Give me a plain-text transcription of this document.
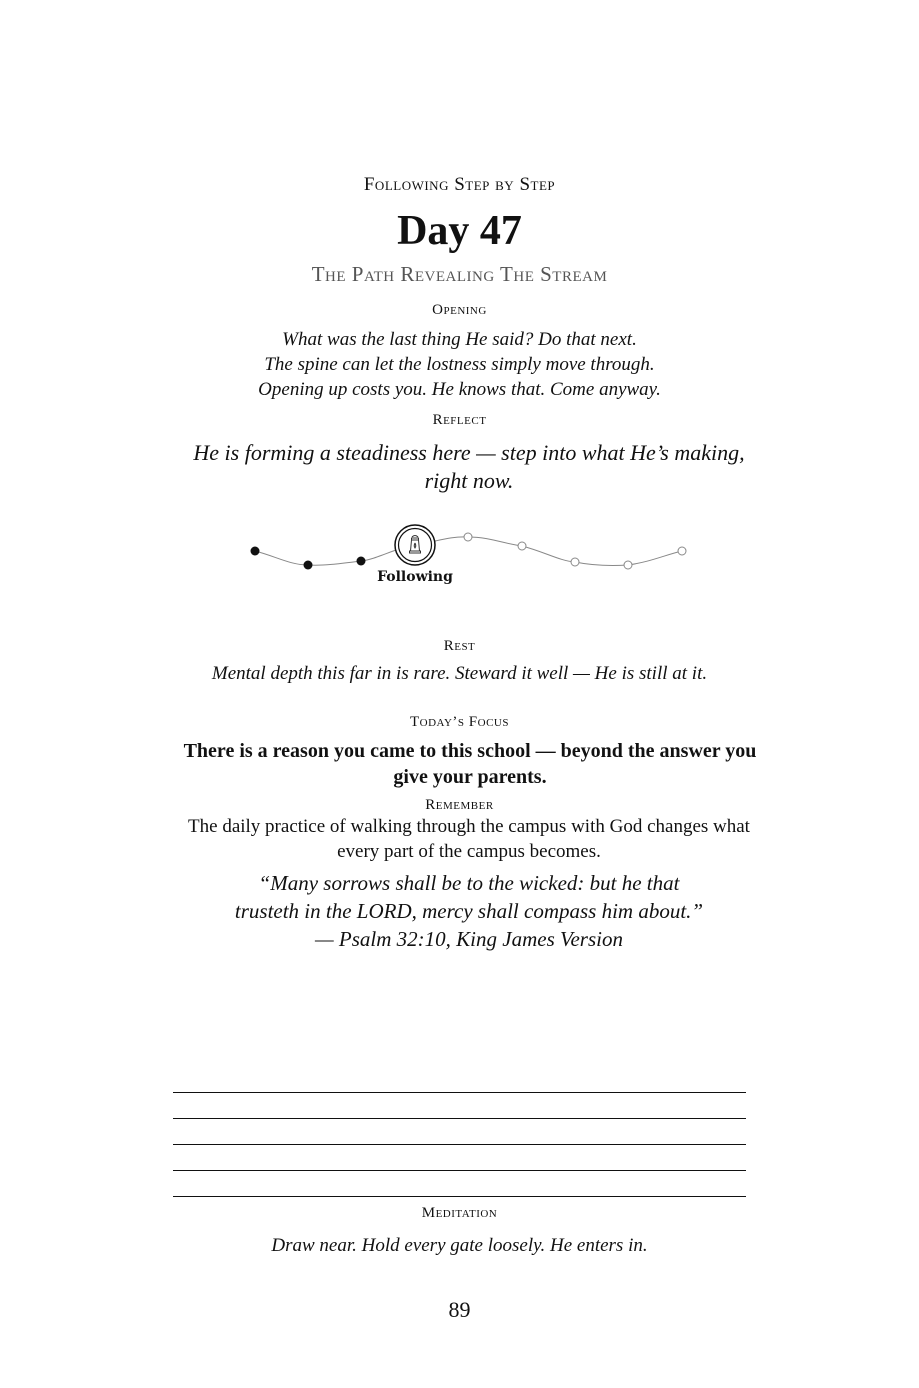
Following Step by Step
Day 47
The Path Revealing The Stream
Opening
What was the last thing He said? Do that next.
The spine can let the lostness simply move through.
Opening up costs you. He knows that. Come anyway.
Reflect
He is forming a steadiness here — step into what He’s making, right now.
Following
Rest
Mental depth this far in is rare. Steward it well — He is still at it.
Today’s Focus
There is a reason you came to this school — beyond the answer you give your parents.
Remember
The daily practice of walking through the campus with God changes what every part of the campus becomes.
“Many sorrows shall be to the wicked: but he that trusteth in the LORD, mercy shall compass him about.” — Psalm 32:10, King James Version
Meditation
Draw near. Hold every gate loosely. He enters in.
89
